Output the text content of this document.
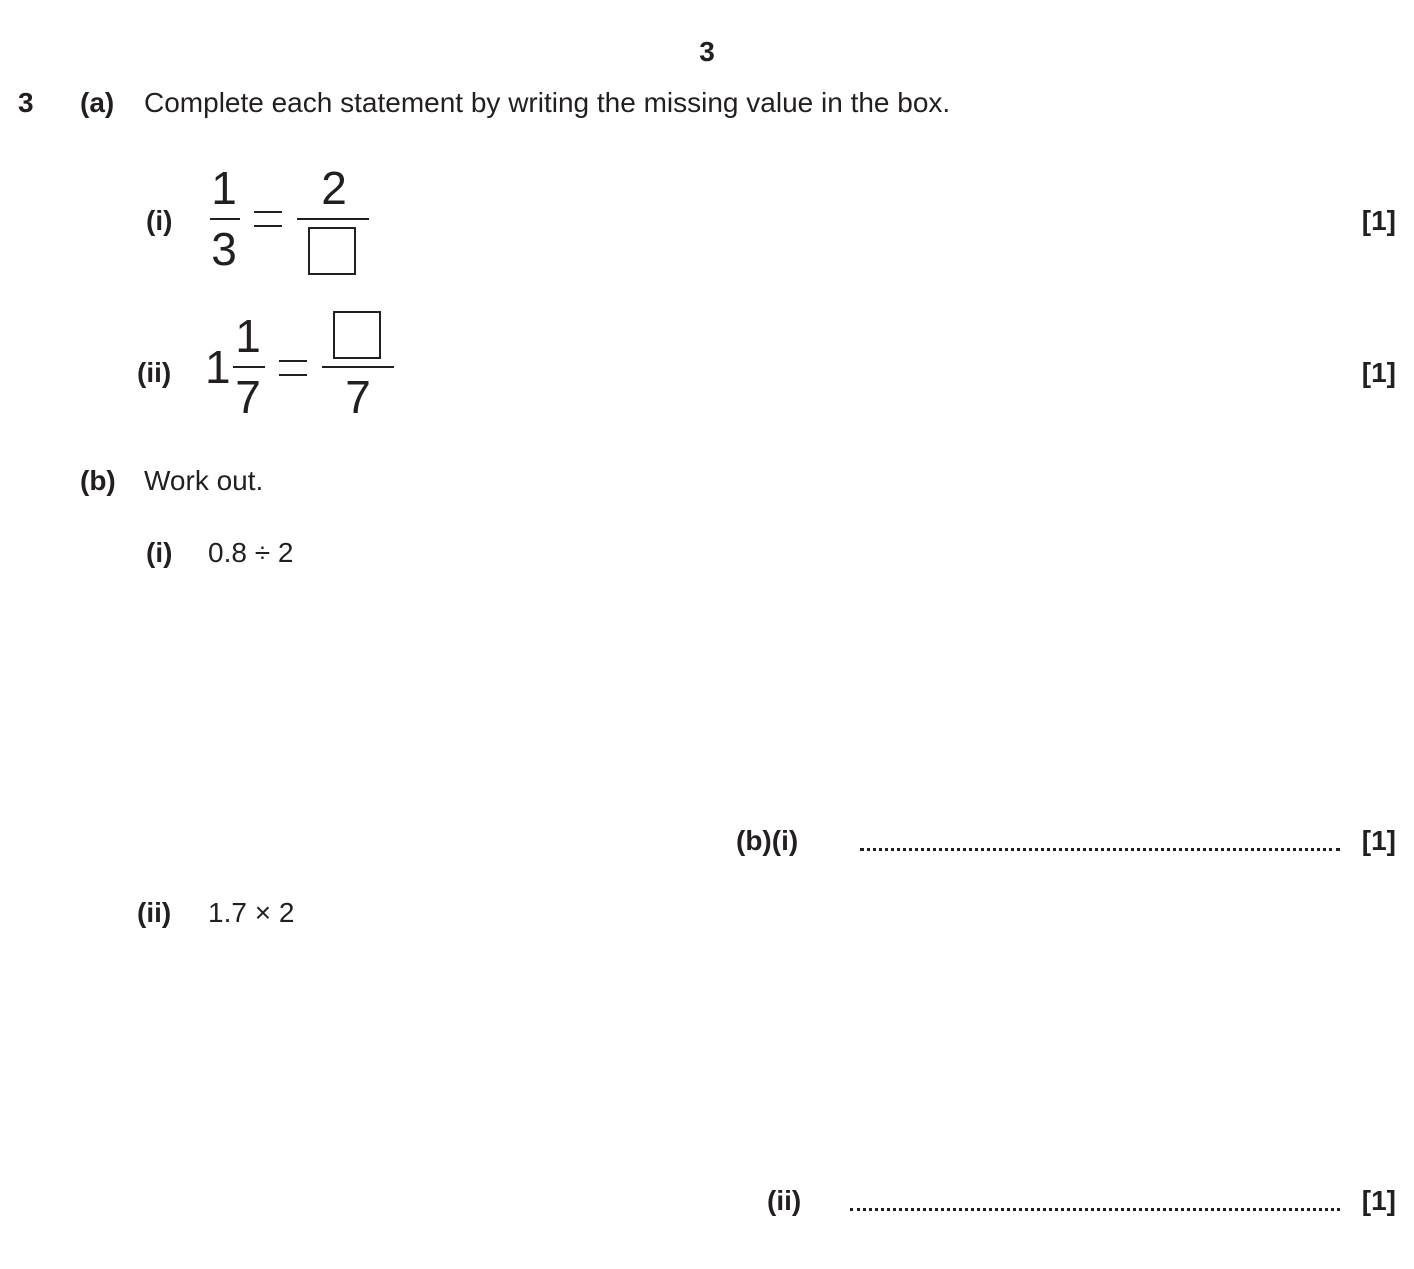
3
3 (a) Complete each statement by writing the missing value in the box.
(i)
1
3
2
[1]
(ii) 1
1
7	7	[1]
(b) Work out.
(i) 0.8 ÷ 2
(b)(i)	[1]
(ii) 1.7 × 2
(ii)	[1]
